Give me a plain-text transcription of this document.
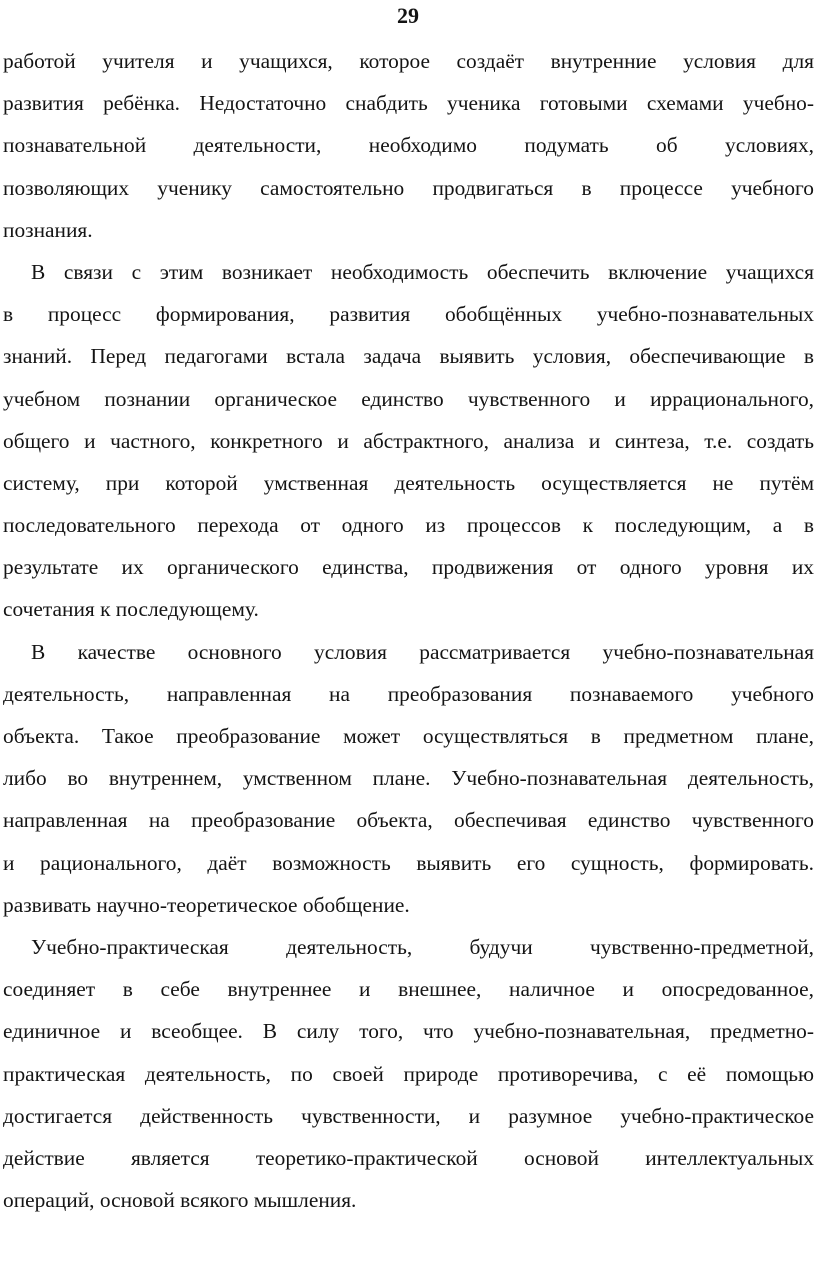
29
работой учителя и учащихся, которое создаёт внутренние условия для
развития ребёнка. Недостаточно снабдить ученика готовыми схемами учебно-
познавательной деятельности, необходимо подумать об условиях,
позволяющих ученику самостоятельно продвигаться в процессе учебного
познания.
В связи с этим возникает необходимость обеспечить включение учащихся
в процесс формирования, развития обобщённых учебно-познавательных
знаний. Перед педагогами встала задача выявить условия, обеспечивающие в
учебном познании органическое единство чувственного и иррационального,
общего и частного, конкретного и абстрактного, анализа и синтеза, т.е. создать
систему, при которой умственная деятельность осуществляется не путём
последовательного перехода от одного из процессов к последующим, а в
результате их органического единства, продвижения от одного уровня их
сочетания к последующему.
В качестве основного условия рассматривается учебно-познавательная
деятельность, направленная на преобразования познаваемого учебного
объекта. Такое преобразование может осуществляться в предметном плане,
либо во внутреннем, умственном плане. Учебно-познавательная деятельность,
направленная на преобразование объекта, обеспечивая единство чувственного
и рационального, даёт возможность выявить его сущность, формировать.
развивать научно-теоретическое обобщение.
Учебно-практическая деятельность, будучи чувственно-предметной,
соединяет в себе внутреннее и внешнее, наличное и опосредованное,
единичное и всеобщее. В силу того, что учебно-познавательная, предметно-
практическая деятельность, по своей природе противоречива, с её помощью
достигается действенность чувственности, и разумное учебно-практическое
действие является теоретико-практической основой интеллектуальных
операций, основой всякого мышления.
